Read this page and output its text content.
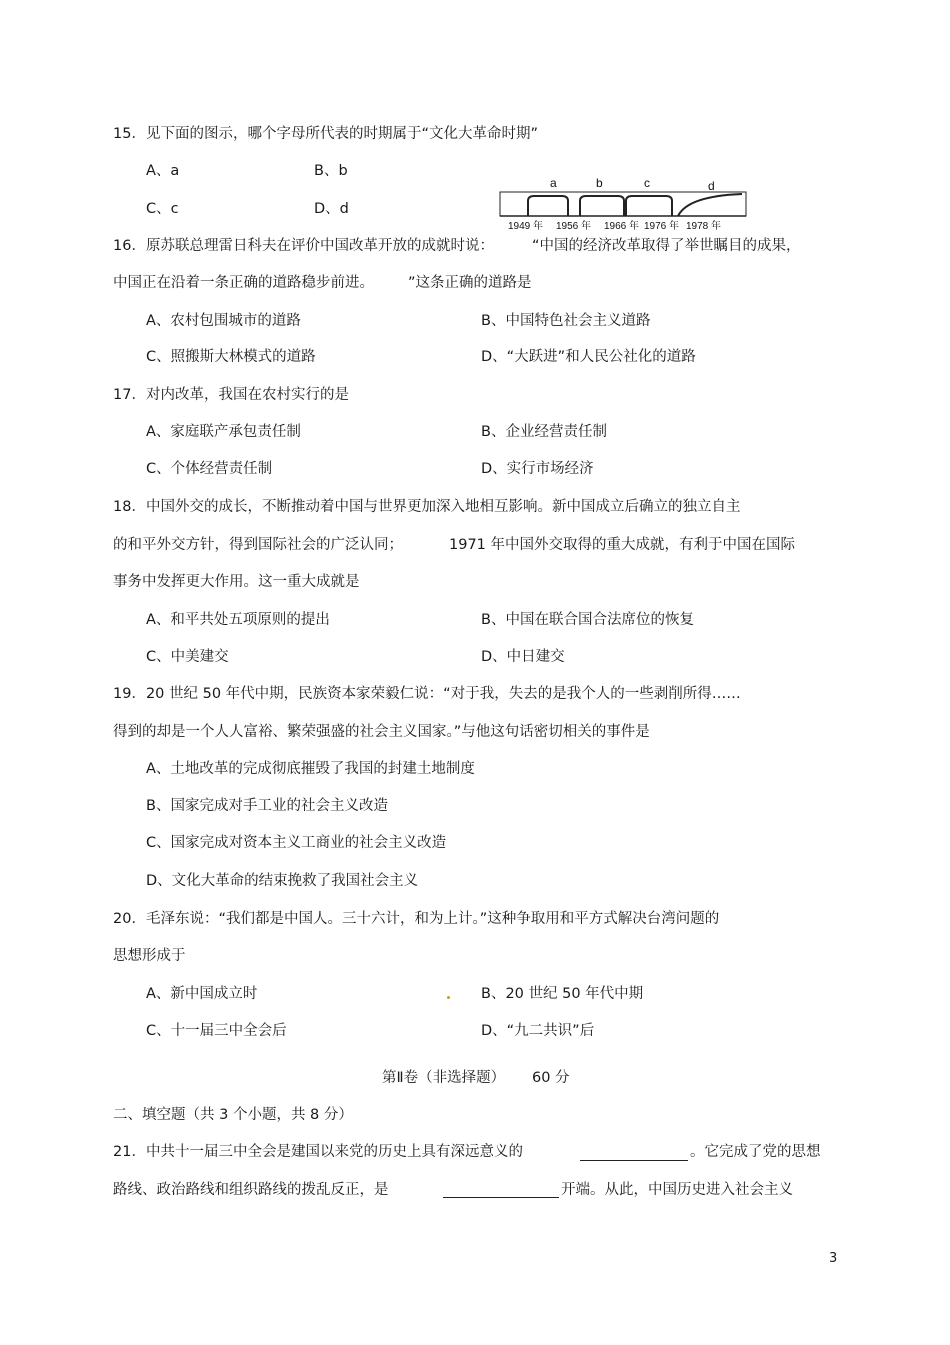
15．见下面的图示，哪个字母所代表的时期属于“文化大革命时期”
A、a	B、b
C、c	D、d
a	b	c	d
1949 年 1956 年 1966 年 1976 年 1978 年
16．原苏联总理雷日科夫在评价中国改革开放的成就时说：	“中国的经济改革取得了举世瞩目的成果，
中国正在沿着一条正确的道路稳步前进。 ”这条正确的道路是
A、农村包围城市的道路	B、中国特色社会主义道路
C、照搬斯大林模式的道路	D、“大跃进”和人民公社化的道路
17．对内改革，我国在农村实行的是
A、家庭联产承包责任制	B、企业经营责任制
C、个体经营责任制	D、实行市场经济
18．中国外交的成长，不断推动着中国与世界更加深入地相互影响。新中国成立后确立的独立自主
的和平外交方针，得到国际社会的广泛认同；	1971 年中国外交取得的重大成就，有利于中国在国际
事务中发挥更大作用。这一重大成就是
A、和平共处五项原则的提出	B、中国在联合国合法席位的恢复
C、中美建交	D、中日建交
19．20 世纪 50 年代中期，民族资本家荣毅仁说：“对于我，失去的是我个人的一些剥削所得……
得到的却是一个人人富裕、繁荣强盛的社会主义国家。”与他这句话密切相关的事件是
A、土地改革的完成彻底摧毁了我国的封建土地制度
B、国家完成对手工业的社会主义改造
C、国家完成对资本主义工商业的社会主义改造
D、文化大革命的结束挽救了我国社会主义
20．毛泽东说：“我们都是中国人。三十六计，和为上计。”这种争取用和平方式解决台湾问题的
思想形成于
A、新中国成立时	B、20 世纪 50 年代中期
C、十一届三中全会后	D、“九二共识”后
第Ⅱ卷（非选择题） 60 分
二、填空题（共 3 个小题，共 8 分）
21．中共十一届三中全会是建国以来党的历史上具有深远意义的	。它完成了党的思想
路线、政治路线和组织路线的拨乱反正，是	开端。从此，中国历史进入社会主义
3
